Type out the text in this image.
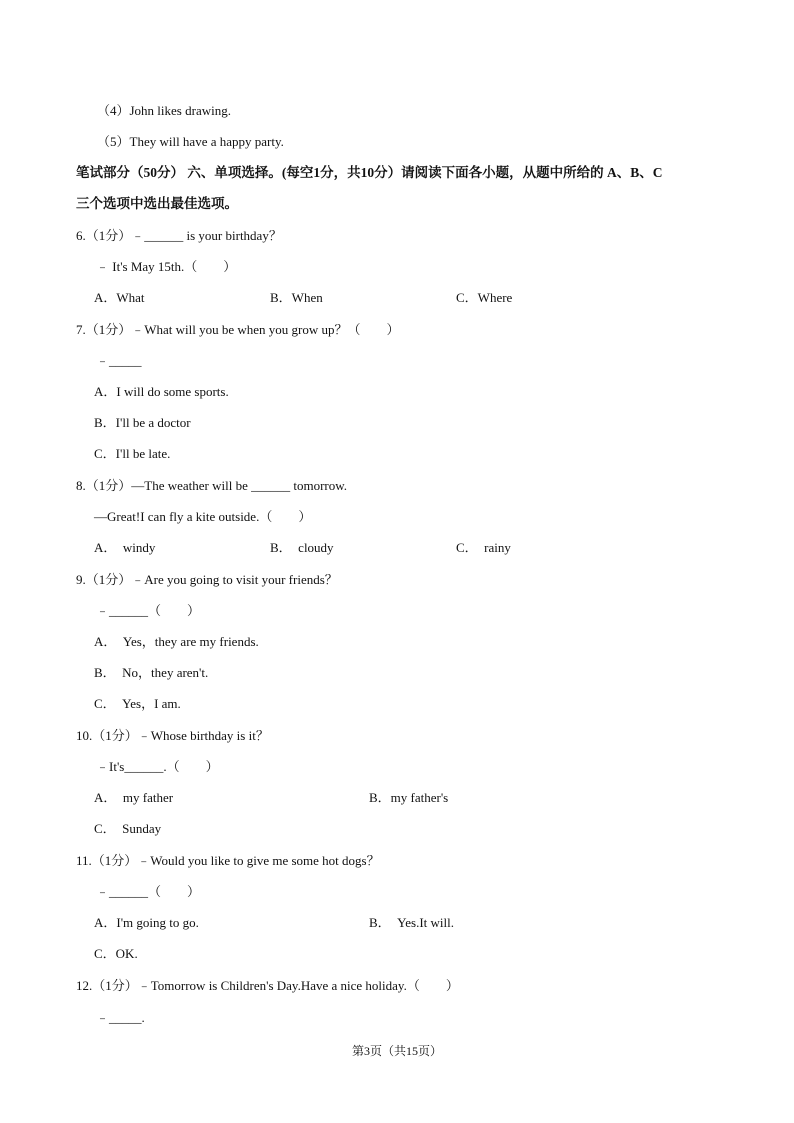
（4）John likes drawing.
（5）They will have a happy party.
笔试部分（50分） 六、单项选择。(每空1分，共10分）请阅读下面各小题，从题中所给的 A、B、C
三个选项中选出最佳选项。
6.（1分）﹣______ is your birthday？
﹣ It's May 15th.（　　）
A．What	B．When	C．Where
7.（1分）﹣What will you be when you grow up？（　　）
﹣_____
A．I will do some sports.
B．I'll be a doctor
C．I'll be late.
8.（1分）—The weather will be ______ tomorrow.
—Great!I can fly a kite outside.（　　）
A．　windy	B．　cloudy	C．　rainy
9.（1分）﹣Are you going to visit your friends？
﹣______（　　）
A．　Yes，they are my friends.
B．　No，they aren't.
C．　Yes，I am.
10.（1分）﹣Whose birthday is it？
﹣It's______.（　　）
A．　my father	B．my father's
C．　Sunday
11.（1分）﹣Would you like to give me some hot dogs？
﹣______（　　）
A．I'm going to go.	B．　Yes.It will.
C．OK.
12.（1分）﹣Tomorrow is Children's Day.Have a nice holiday.（　　）
﹣_____.
第3页（共15页）
